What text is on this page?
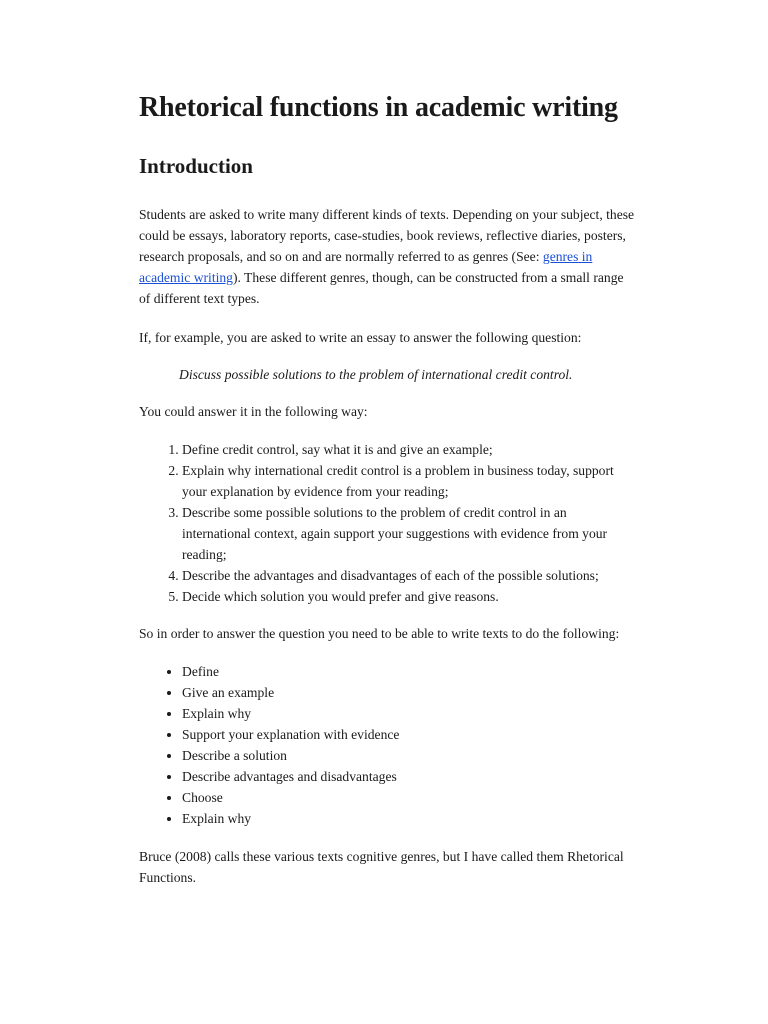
Rhetorical functions in academic writing
Introduction

Students are asked to write many different kinds of texts. Depending on your subject, these could be essays, laboratory reports, case-studies, book reviews, reflective diaries, posters, research proposals, and so on and are normally referred to as genres (See: genres in academic writing). These different genres, though, can be constructed from a small range of different text types.

If, for example, you are asked to write an essay to answer the following question:

Discuss possible solutions to the problem of international credit control.

You could answer it in the following way:

1. Define credit control, say what it is and give an example;
2. Explain why international credit control is a problem in business today, support your explanation by evidence from your reading;
3. Describe some possible solutions to the problem of credit control in an international context, again support your suggestions with evidence from your reading;
4. Describe the advantages and disadvantages of each of the possible solutions;
5. Decide which solution you would prefer and give reasons.

So in order to answer the question you need to be able to write texts to do the following:

• Define
• Give an example
• Explain why
• Support your explanation with evidence
• Describe a solution
• Describe advantages and disadvantages
• Choose
• Explain why

Bruce (2008) calls these various texts cognitive genres, but I have called them Rhetorical Functions.
